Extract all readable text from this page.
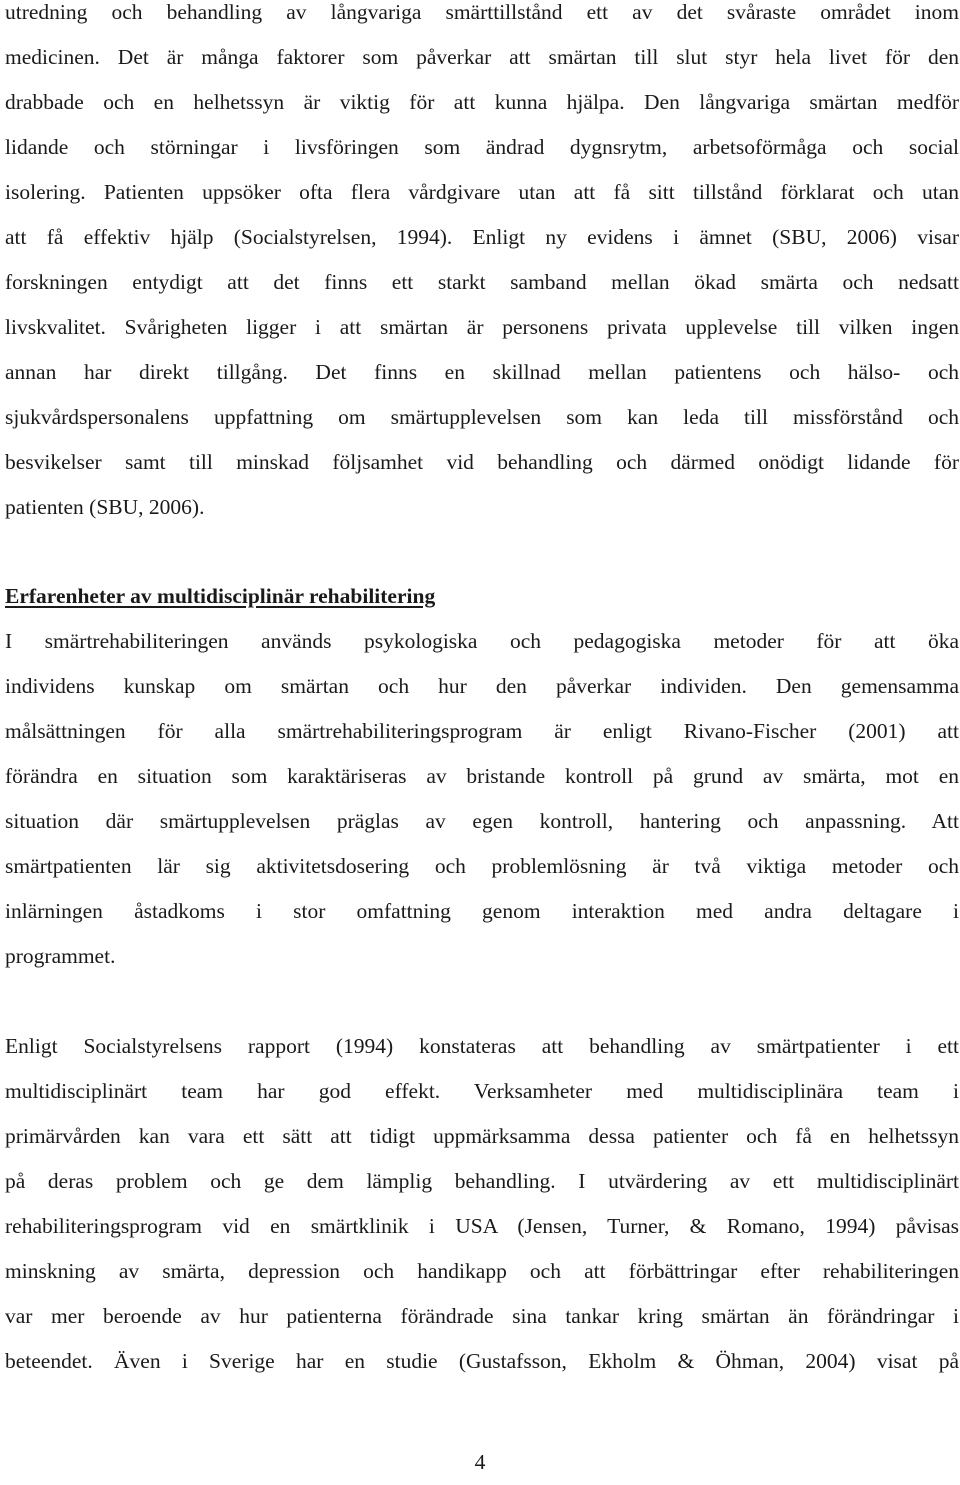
utredning och behandling av långvariga smärttillstånd ett av det svåraste området inom
medicinen. Det är många faktorer som påverkar att smärtan till slut styr hela livet för den
drabbade och en helhetssyn är viktig för att kunna hjälpa. Den långvariga smärtan medför
lidande och störningar i livsföringen som ändrad dygnsrytm, arbetsoförmåga och social
isolering. Patienten uppsöker ofta flera vårdgivare utan att få sitt tillstånd förklarat och utan
att få effektiv hjälp (Socialstyrelsen, 1994). Enligt ny evidens i ämnet (SBU, 2006) visar
forskningen entydigt att det finns ett starkt samband mellan ökad smärta och nedsatt
livskvalitet. Svårigheten ligger i att smärtan är personens privata upplevelse till vilken ingen
annan har direkt tillgång. Det finns en skillnad mellan patientens och hälso- och
sjukvårdspersonalens uppfattning om smärtupplevelsen som kan leda till missförstånd och
besvikelser samt till minskad följsamhet vid behandling och därmed onödigt lidande för
patienten (SBU, 2006).

Erfarenheter av multidisciplinär rehabilitering

I smärtrehabiliteringen används psykologiska och pedagogiska metoder för att öka
individens kunskap om smärtan och hur den påverkar individen. Den gemensamma
målsättningen för alla smärtrehabiliteringsprogram är enligt Rivano-Fischer (2001) att
förändra en situation som karaktäriseras av bristande kontroll på grund av smärta, mot en
situation där smärtupplevelsen präglas av egen kontroll, hantering och anpassning. Att
smärtpatienten lär sig aktivitetsdosering och problemlösning är två viktiga metoder och
inlärningen åstadkoms i stor omfattning genom interaktion med andra deltagare i
programmet.

Enligt Socialstyrelsens rapport (1994) konstateras att behandling av smärtpatienter i ett
multidisciplinärt team har god effekt. Verksamheter med multidisciplinära team i
primärvården kan vara ett sätt att tidigt uppmärksamma dessa patienter och få en helhetssyn
på deras problem och ge dem lämplig behandling. I utvärdering av ett multidisciplinärt
rehabiliteringsprogram vid en smärtklinik i USA (Jensen, Turner, & Romano, 1994) påvisas
minskning av smärta, depression och handikapp och att förbättringar efter rehabiliteringen
var mer beroende av hur patienterna förändrade sina tankar kring smärtan än förändringar i
beteendet. Även i Sverige har en studie (Gustafsson, Ekholm & Öhman, 2004) visat på

4
